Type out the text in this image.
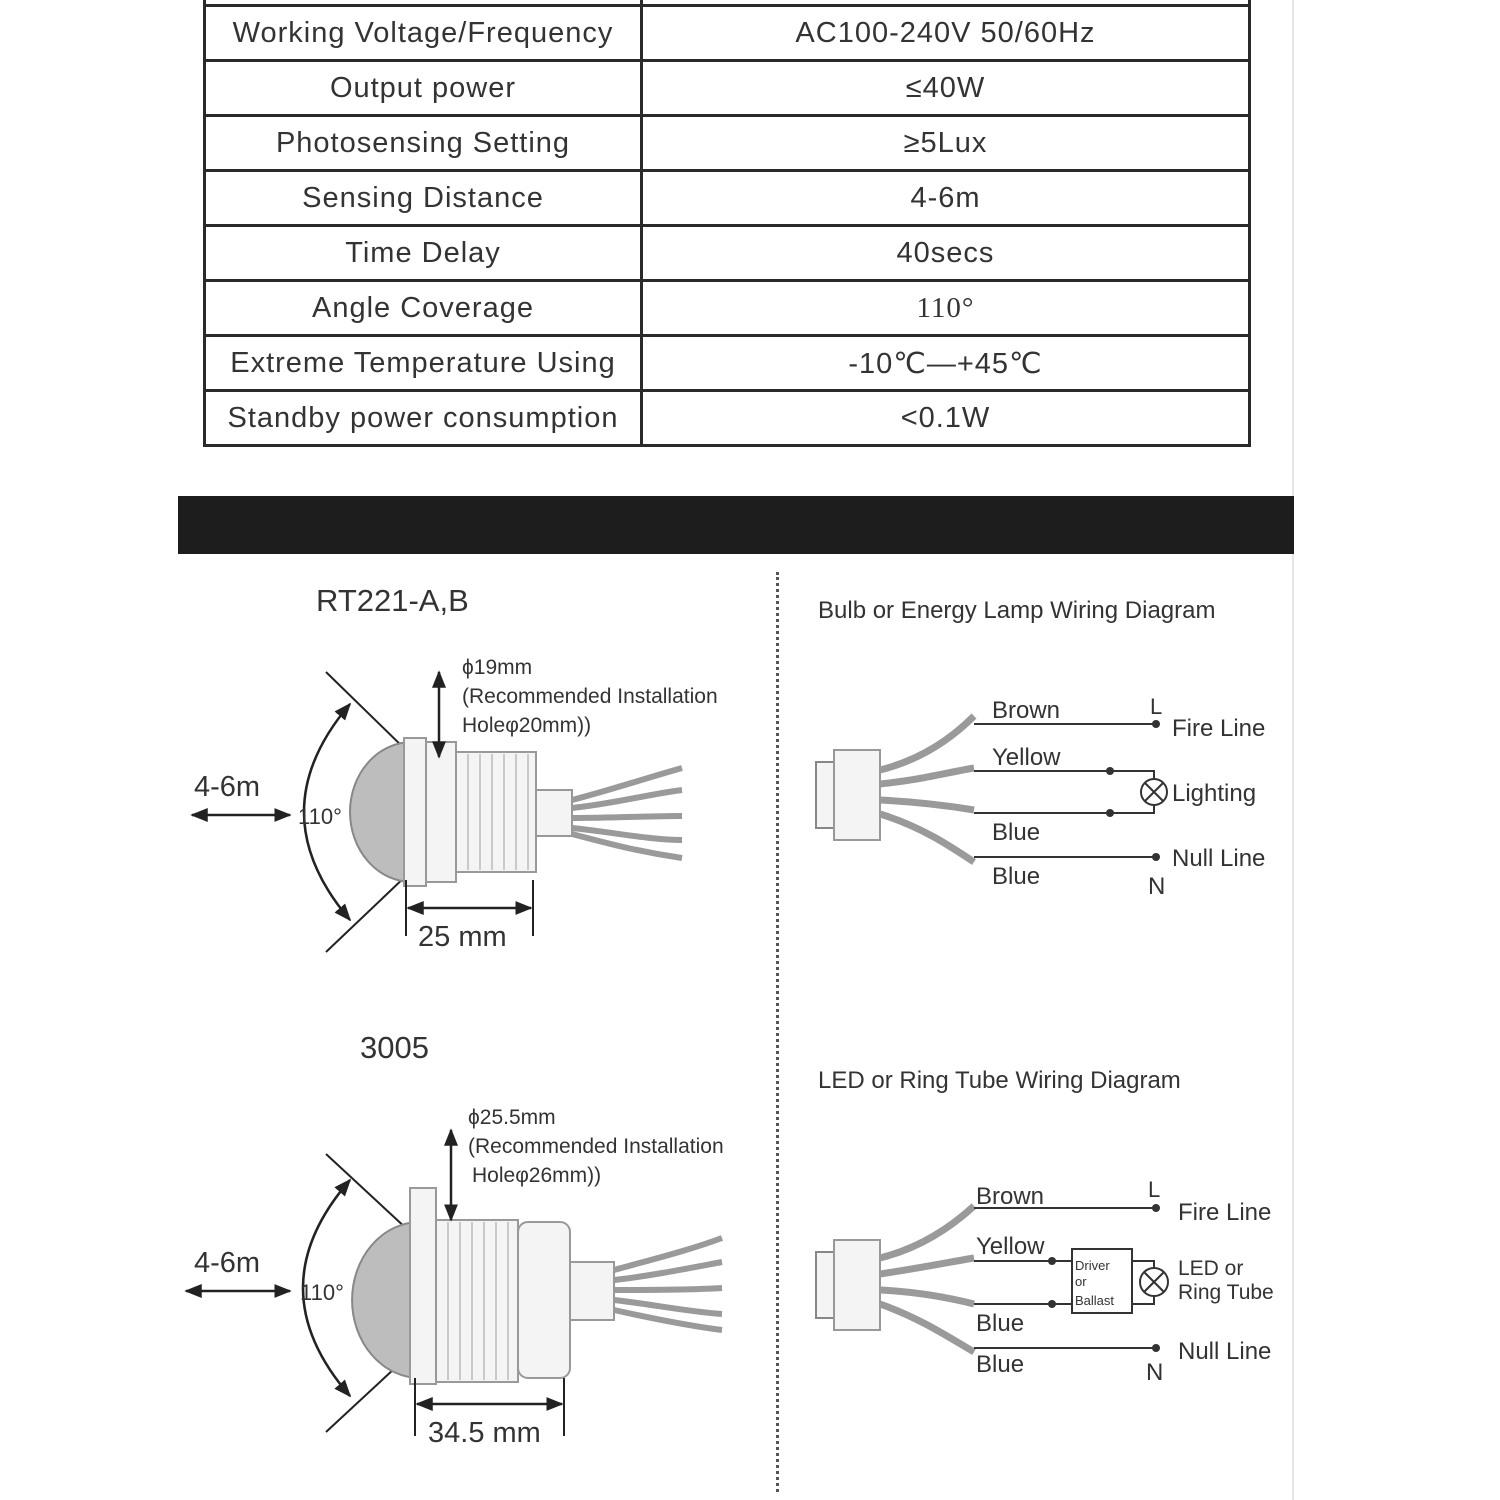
Working Voltage/Frequency	AC100-240V 50/60Hz
Output power	≤40W
Photosensing Setting	≥5Lux
Sensing Distance	4-6m
Time Delay	40secs
Angle Coverage	110°
Extreme Temperature Using	-10℃—+45℃
Standby power consumption	<0.1W
RT221-A,B
110°
4-6m
ϕ19mm
(Recommended Installation
Holeφ20mm))
25 mm
3005
110°
4-6m
ϕ25.5mm
(Recommended Installation
Holeφ26mm))
34.5 mm
Bulb or Energy Lamp Wiring Diagram
Brown
Yellow
Blue
Blue
L
N
Fire Line
Lighting
Null Line
LED or Ring Tube Wiring Diagram
Driver
or
Ballast
Brown
Yellow
Blue
Blue
L
N
Fire Line
LED or
Ring Tube
Null Line
